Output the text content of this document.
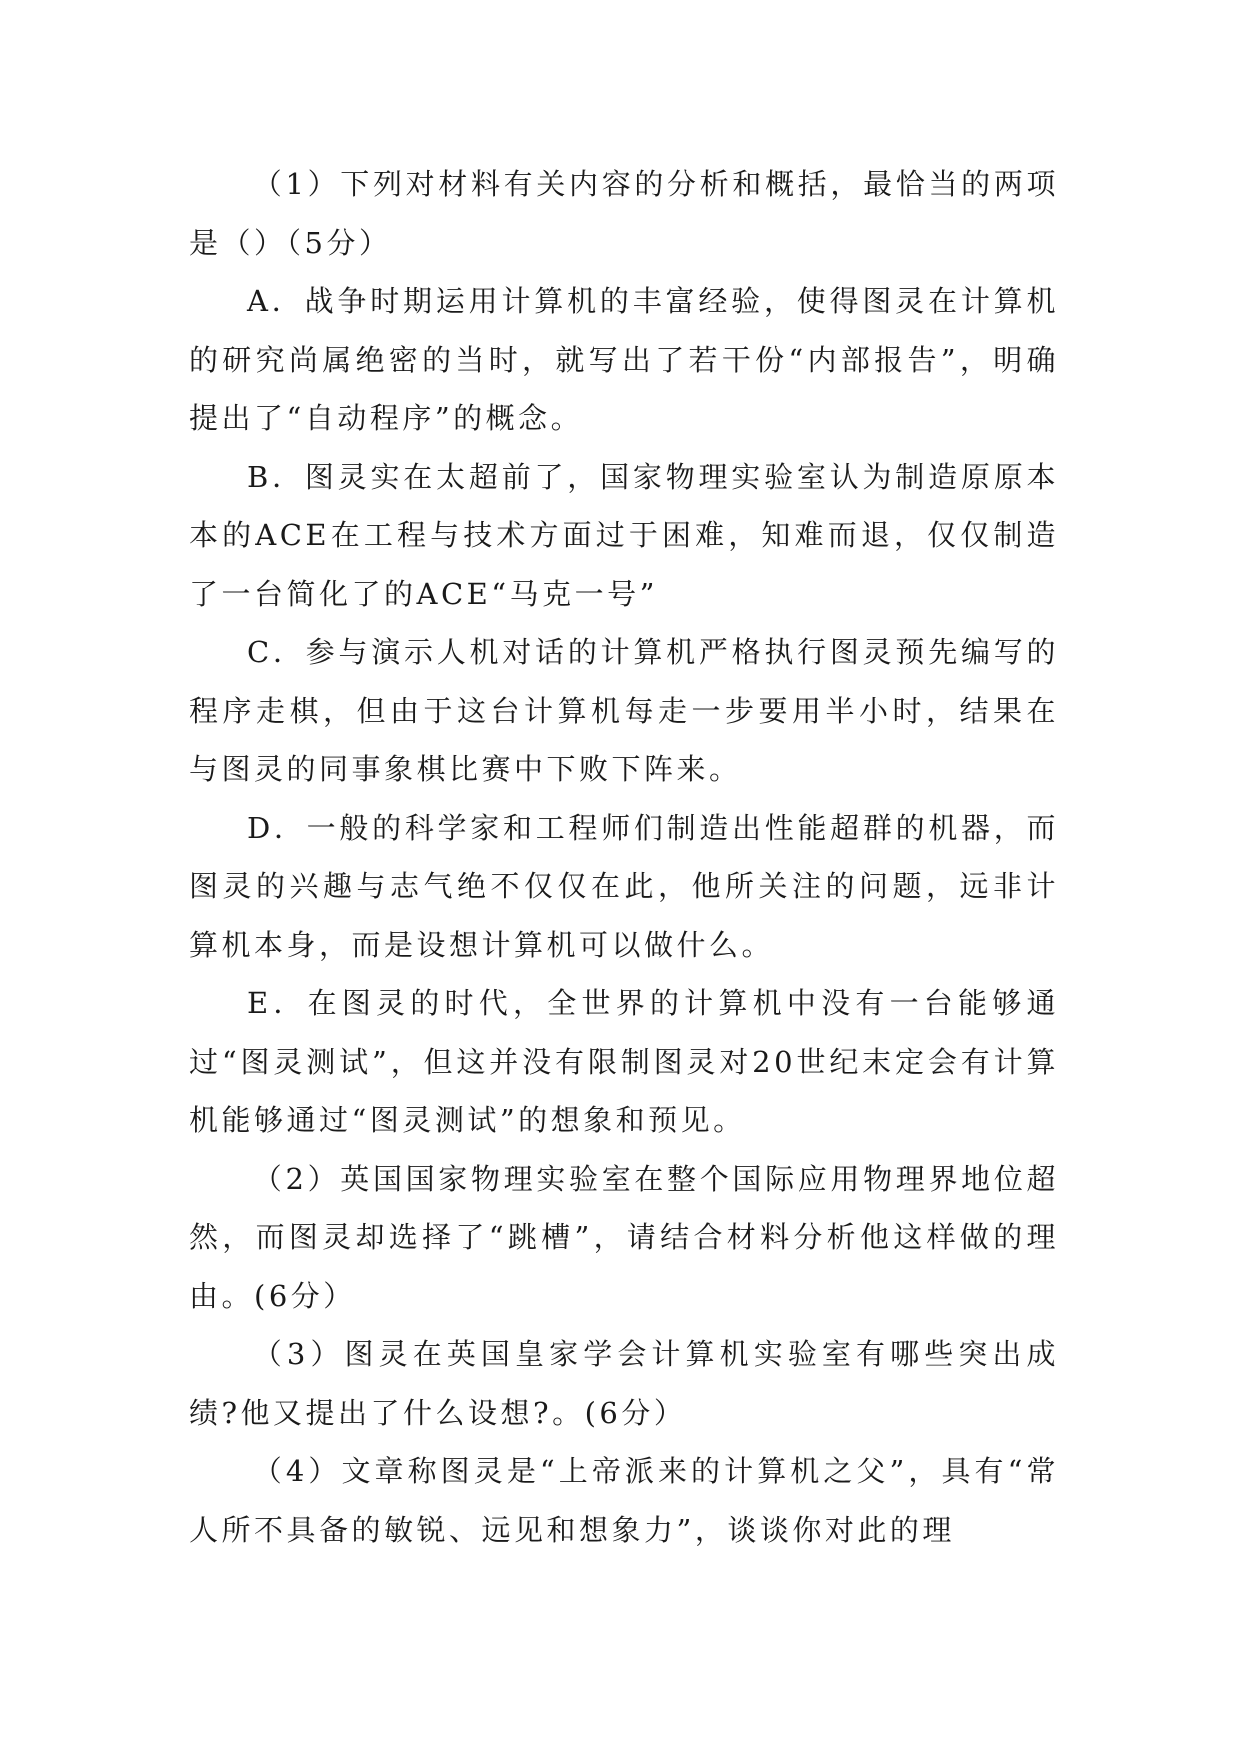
（1）下列对材料有关内容的分析和概括，最恰当的两项是（）（5分）

A．战争时期运用计算机的丰富经验，使得图灵在计算机的研究尚属绝密的当时，就写出了若干份“内部报告”，明确提出了“自动程序”的概念。

B．图灵实在太超前了，国家物理实验室认为制造原原本本的ACE在工程与技术方面过于困难，知难而退，仅仅制造了一台简化了的ACE“马克一号”

C．参与演示人机对话的计算机严格执行图灵预先编写的程序走棋，但由于这台计算机每走一步要用半小时，结果在与图灵的同事象棋比赛中下败下阵来。

D．一般的科学家和工程师们制造出性能超群的机器，而图灵的兴趣与志气绝不仅仅在此，他所关注的问题，远非计算机本身，而是设想计算机可以做什么。

E．在图灵的时代，全世界的计算机中没有一台能够通过“图灵测试”，但这并没有限制图灵对20世纪末定会有计算机能够通过“图灵测试”的想象和预见。

（2）英国国家物理实验室在整个国际应用物理界地位超然，而图灵却选择了“跳槽”，请结合材料分析他这样做的理由。(6分）

（3）图灵在英国皇家学会计算机实验室有哪些突出成绩?他又提出了什么设想?。(6分）

（4）文章称图灵是“上帝派来的计算机之父”，具有“常人所不具备的敏锐、远见和想象力”，谈谈你对此的理
